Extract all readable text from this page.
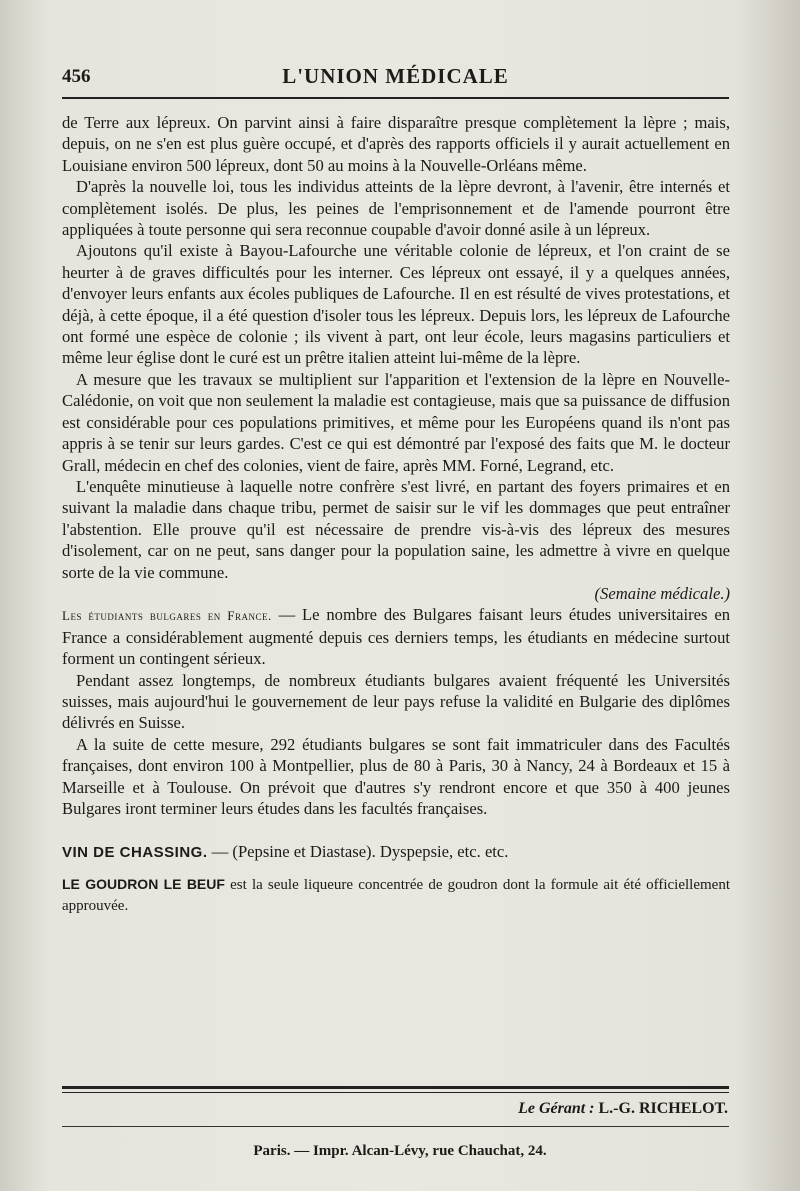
456	L'UNION MÉDICALE

de Terre aux lépreux. On parvint ainsi à faire disparaître presque complètement la lèpre ; mais, depuis, on ne s'en est plus guère occupé, et d'après des rapports officiels il y aurait actuellement en Louisiane environ 500 lépreux, dont 50 au moins à la Nouvelle-Orléans même.

D'après la nouvelle loi, tous les individus atteints de la lèpre devront, à l'avenir, être internés et complètement isolés. De plus, les peines de l'emprisonnement et de l'amende pourront être appliquées à toute personne qui sera reconnue coupable d'avoir donné asile à un lépreux.

Ajoutons qu'il existe à Bayou-Lafourche une véritable colonie de lépreux, et l'on craint de se heurter à de graves difficultés pour les interner. Ces lépreux ont essayé, il y a quelques années, d'envoyer leurs enfants aux écoles publiques de Lafourche. Il en est résulté de vives protestations, et déjà, à cette époque, il a été question d'isoler tous les lépreux. Depuis lors, les lépreux de Lafourche ont formé une espèce de colonie ; ils vivent à part, ont leur école, leurs magasins particuliers et même leur église dont le curé est un prêtre italien atteint lui-même de la lèpre.

A mesure que les travaux se multiplient sur l'apparition et l'extension de la lèpre en Nouvelle-Calédonie, on voit que non seulement la maladie est contagieuse, mais que sa puissance de diffusion est considérable pour ces populations primitives, et même pour les Européens quand ils n'ont pas appris à se tenir sur leurs gardes. C'est ce qui est démontré par l'exposé des faits que M. le docteur Grall, médecin en chef des colonies, vient de faire, après MM. Forné, Legrand, etc.

L'enquête minutieuse à laquelle notre confrère s'est livré, en partant des foyers primaires et en suivant la maladie dans chaque tribu, permet de saisir sur le vif les dommages que peut entraîner l'abstention. Elle prouve qu'il est nécessaire de prendre vis-à-vis des lépreux des mesures d'isolement, car on ne peut, sans danger pour la population saine, les admettre à vivre en quelque sorte de la vie commune.

(Semaine médicale.)

Les étudiants bulgares en France. — Le nombre des Bulgares faisant leurs études universitaires en France a considérablement augmenté depuis ces derniers temps, les étudiants en médecine surtout forment un contingent sérieux.

Pendant assez longtemps, de nombreux étudiants bulgares avaient fréquenté les Universités suisses, mais aujourd'hui le gouvernement de leur pays refuse la validité en Bulgarie des diplômes délivrés en Suisse.

A la suite de cette mesure, 292 étudiants bulgares se sont fait immatriculer dans des Facultés françaises, dont environ 100 à Montpellier, plus de 80 à Paris, 30 à Nancy, 24 à Bordeaux et 15 à Marseille et à Toulouse. On prévoit que d'autres s'y rendront encore et que 350 à 400 jeunes Bulgares iront terminer leurs études dans les facultés françaises.

VIN DE CHASSING. — (Pepsine et Diastase). Dyspepsie, etc. etc.

LE GOUDRON LE BEUF est la seule liqueure concentrée de goudron dont la formule ait été officiellement approuvée.

Le Gérant : L.-G. RICHELOT.
Paris. — Impr. Alcan-Lévy, rue Chauchat, 24.
